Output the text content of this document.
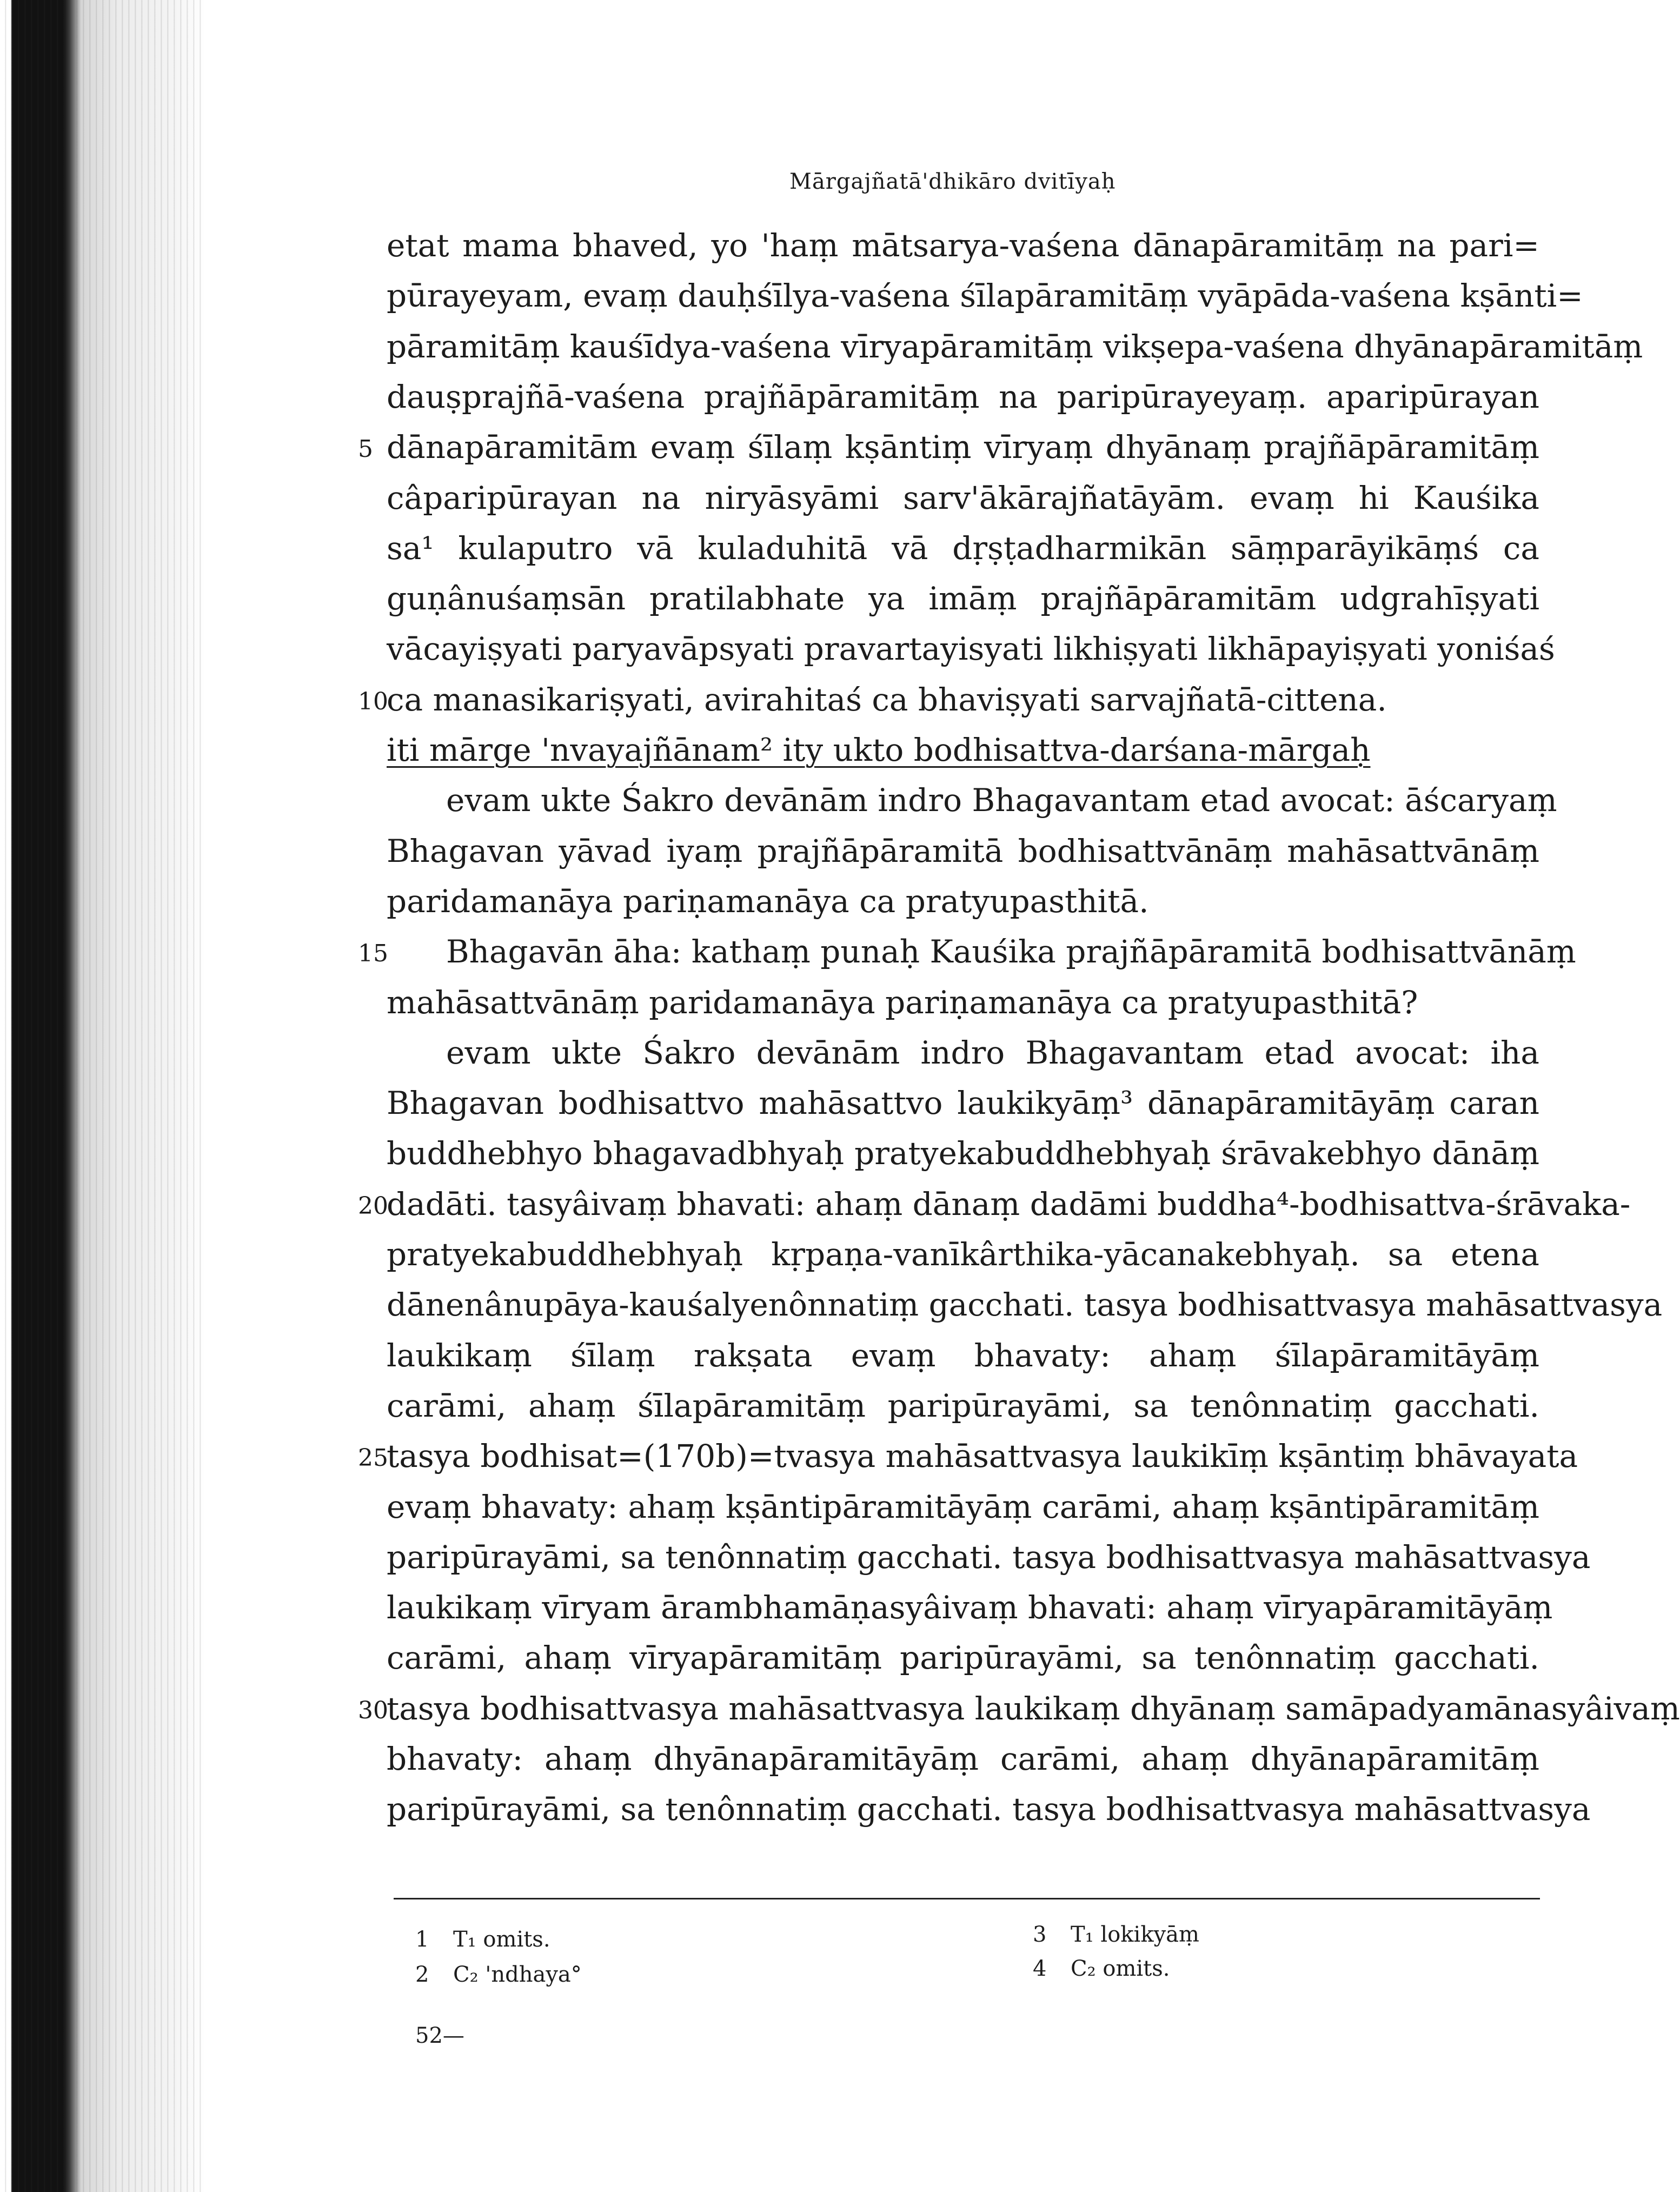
Mārgajñatā'dhikāro dvitīyaḥ
etat mama bhaved, yo 'haṃ mātsarya-vaśena dānapāramitāṃ na pari=
pūrayeyam, evaṃ dauḥśīlya-vaśena śīlapāramitāṃ vyāpāda-vaśena kṣānti=
pāramitāṃ kauśīdya-vaśena vīryapāramitāṃ vikṣepa-vaśena dhyānapāramitāṃ
dauṣprajñā-vaśena prajñāpāramitāṃ na paripūrayeyaṃ. aparipūrayan
dānapāramitām evaṃ śīlaṃ kṣāntiṃ vīryaṃ dhyānaṃ prajñāpāramitāṃ
5
câparipūrayan na niryāsyāmi sarv'ākārajñatāyām. evaṃ hi Kauśika
sa¹ kulaputro vā kuladuhitā vā dṛṣṭadharmikān sāṃparāyikāṃś ca
guṇânuśaṃsān pratilabhate ya imāṃ prajñāpāramitām udgrahīṣyati
vācayiṣyati paryavāpsyati pravartayisyati likhiṣyati likhāpayiṣyati yoniśaś
ca manasikariṣyati, avirahitaś ca bhaviṣyati sarvajñatā-cittena.
10
iti mārge 'nvayajñānam² ity ukto bodhisattva-darśana-mārgaḥ
evam ukte Śakro devānām indro Bhagavantam etad avocat: āścaryaṃ
Bhagavan yāvad iyaṃ prajñāpāramitā bodhisattvānāṃ mahāsattvānāṃ
paridamanāya pariṇamanāya ca pratyupasthitā.
Bhagavān āha: kathaṃ punaḥ Kauśika prajñāpāramitā bodhisattvānāṃ
15
mahāsattvānāṃ paridamanāya pariṇamanāya ca pratyupasthitā?
evam ukte Śakro devānām indro Bhagavantam etad avocat: iha
Bhagavan bodhisattvo mahāsattvo laukikyāṃ³ dānapāramitāyāṃ caran
buddhebhyo bhagavadbhyaḥ pratyekabuddhebhyaḥ śrāvakebhyo dānāṃ
dadāti. tasyâivaṃ bhavati: ahaṃ dānaṃ dadāmi buddha⁴-bodhisattva-śrāvaka-
20
pratyekabuddhebhyaḥ kṛpaṇa-vanīkârthika-yācanakebhyaḥ. sa etena
dānenânupāya-kauśalyenônnatiṃ gacchati. tasya bodhisattvasya mahāsattvasya
laukikaṃ śīlaṃ rakṣata evaṃ bhavaty: ahaṃ śīlapāramitāyāṃ
carāmi, ahaṃ śīlapāramitāṃ paripūrayāmi, sa tenônnatiṃ gacchati.
tasya bodhisat=(170b)=tvasya mahāsattvasya laukikīṃ kṣāntiṃ bhāvayata
25
evaṃ bhavaty: ahaṃ kṣāntipāramitāyāṃ carāmi, ahaṃ kṣāntipāramitāṃ
paripūrayāmi, sa tenônnatiṃ gacchati. tasya bodhisattvasya mahāsattvasya
laukikaṃ vīryam ārambhamāṇasyâivaṃ bhavati: ahaṃ vīryapāramitāyāṃ
carāmi, ahaṃ vīryapāramitāṃ paripūrayāmi, sa tenônnatiṃ gacchati.
tasya bodhisattvasya mahāsattvasya laukikaṃ dhyānaṃ samāpadyamānasyâivaṃ
30
bhavaty: ahaṃ dhyānapāramitāyāṃ carāmi, ahaṃ dhyānapāramitāṃ
paripūrayāmi, sa tenônnatiṃ gacchati. tasya bodhisattvasya mahāsattvasya
1 T₁ omits.
2 C₂ 'ndhaya°
3 T₁ lokikyāṃ
4 C₂ omits.
52—
